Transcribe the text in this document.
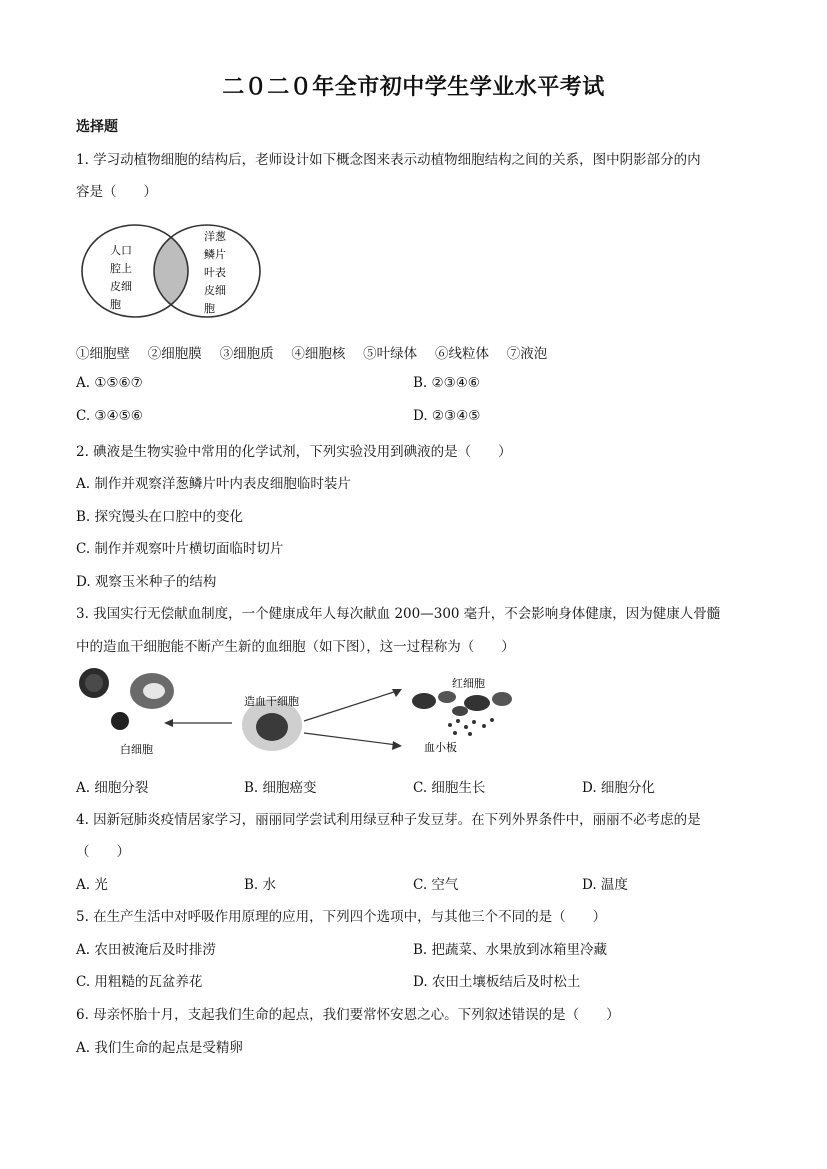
二０二０年全市初中学生学业水平考试
选择题
1. 学习动植物细胞的结构后，老师设计如下概念图来表示动植物细胞结构之间的关系，图中阴影部分的内
容是（　　）
人口
腔上
皮细
胞
洋葱
鳞片
叶表
皮细
胞
①细胞壁　 ②细胞膜　 ③细胞质　 ④细胞核　 ⑤叶绿体　 ⑥线粒体　 ⑦液泡
A. ①⑤⑥⑦	B. ②③④⑥
C. ③④⑤⑥	D. ②③④⑤
2. 碘液是生物实验中常用的化学试剂，下列实验没用到碘液的是（　　）
A. 制作并观察洋葱鳞片叶内表皮细胞临时装片
B. 探究馒头在口腔中的变化
C. 制作并观察叶片横切面临时切片
D. 观察玉米种子的结构
3. 我国实行无偿献血制度，一个健康成年人每次献血 200—300 毫升，不会影响身体健康，因为健康人骨髓
中的造血干细胞能不断产生新的血细胞（如下图），这一过程称为（　　）
白细胞
造血干细胞
红细胞
血小板
A. 细胞分裂	B. 细胞癌变	C. 细胞生长	D. 细胞分化
4. 因新冠肺炎疫情居家学习，丽丽同学尝试利用绿豆种子发豆芽。在下列外界条件中，丽丽不必考虑的是
（　　）
A. 光	B. 水	C. 空气	D. 温度
5. 在生产生活中对呼吸作用原理的应用，下列四个选项中，与其他三个不同的是（　　）
A. 农田被淹后及时排涝	B. 把蔬菜、水果放到冰箱里冷藏
C. 用粗糙的瓦盆养花	D. 农田土壤板结后及时松土
6. 母亲怀胎十月，支起我们生命的起点，我们要常怀安恩之心。下列叙述错误的是（　　）
A. 我们生命的起点是受精卵
